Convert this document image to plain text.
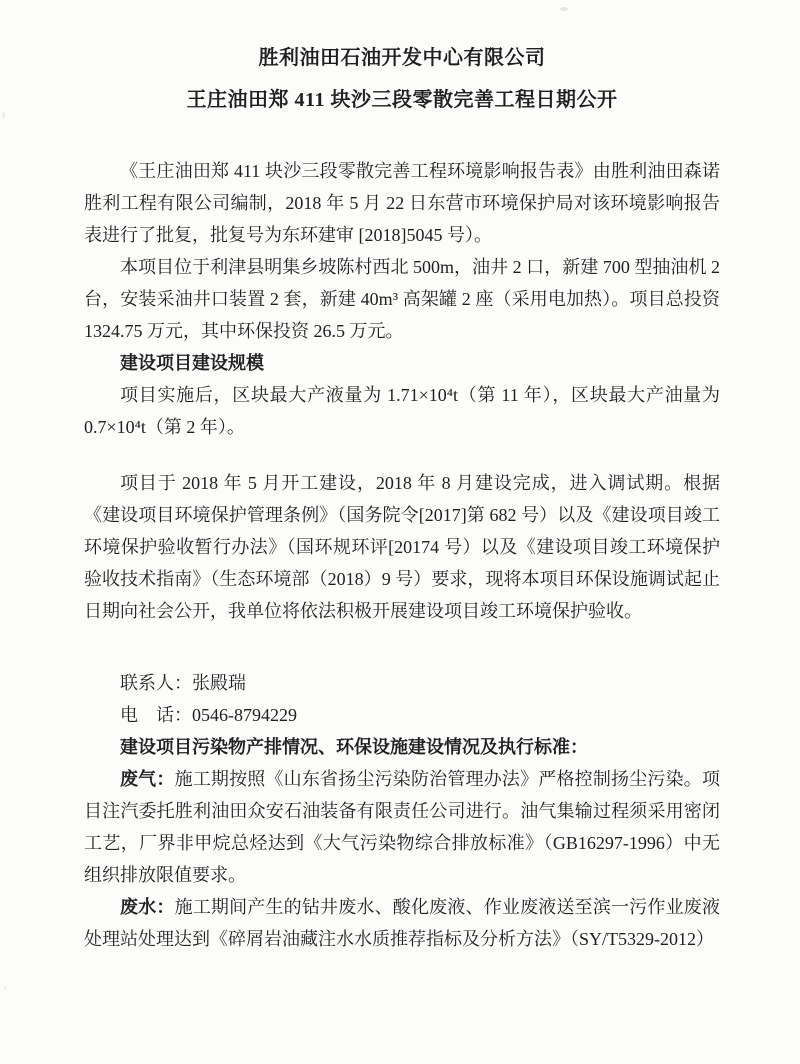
胜利油田石油开发中心有限公司
王庄油田郑 411 块沙三段零散完善工程日期公开

《王庄油田郑 411 块沙三段零散完善工程环境影响报告表》由胜利油田森诺胜利工程有限公司编制，2018 年 5 月 22 日东营市环境保护局对该环境影响报告表进行了批复，批复号为东环建审 [2018]5045 号）。

本项目位于利津县明集乡坡陈村西北 500m，油井 2 口，新建 700 型抽油机 2 台，安装采油井口装置 2 套，新建 40m³ 高架罐 2 座（采用电加热）。项目总投资 1324.75 万元，其中环保投资 26.5 万元。

建设项目建设规模

项目实施后，区块最大产液量为 1.71×10⁴t（第 11 年），区块最大产油量为 0.7×10⁴t（第 2 年）。

项目于 2018 年 5 月开工建设，2018 年 8 月建设完成，进入调试期。根据《建设项目环境保护管理条例》（国务院令[2017]第 682 号）以及《建设项目竣工环境保护验收暂行办法》（国环规环评[20174 号）以及《建设项目竣工环境保护验收技术指南》（生态环境部（2018）9 号）要求，现将本项目环保设施调试起止日期向社会公开，我单位将依法积极开展建设项目竣工环境保护验收。

联系人：张殿瑞

电　话：0546-8794229

建设项目污染物产排情况、环保设施建设情况及执行标准：

废气：施工期按照《山东省扬尘污染防治管理办法》严格控制扬尘污染。项目注汽委托胜利油田众安石油装备有限责任公司进行。油气集输过程须采用密闭工艺，厂界非甲烷总烃达到《大气污染物综合排放标准》（GB16297-1996）中无组织排放限值要求。

废水：施工期间产生的钻井废水、酸化废液、作业废液送至滨一污作业废液处理站处理达到《碎屑岩油藏注水水质推荐指标及分析方法》（SY/T5329-2012）
